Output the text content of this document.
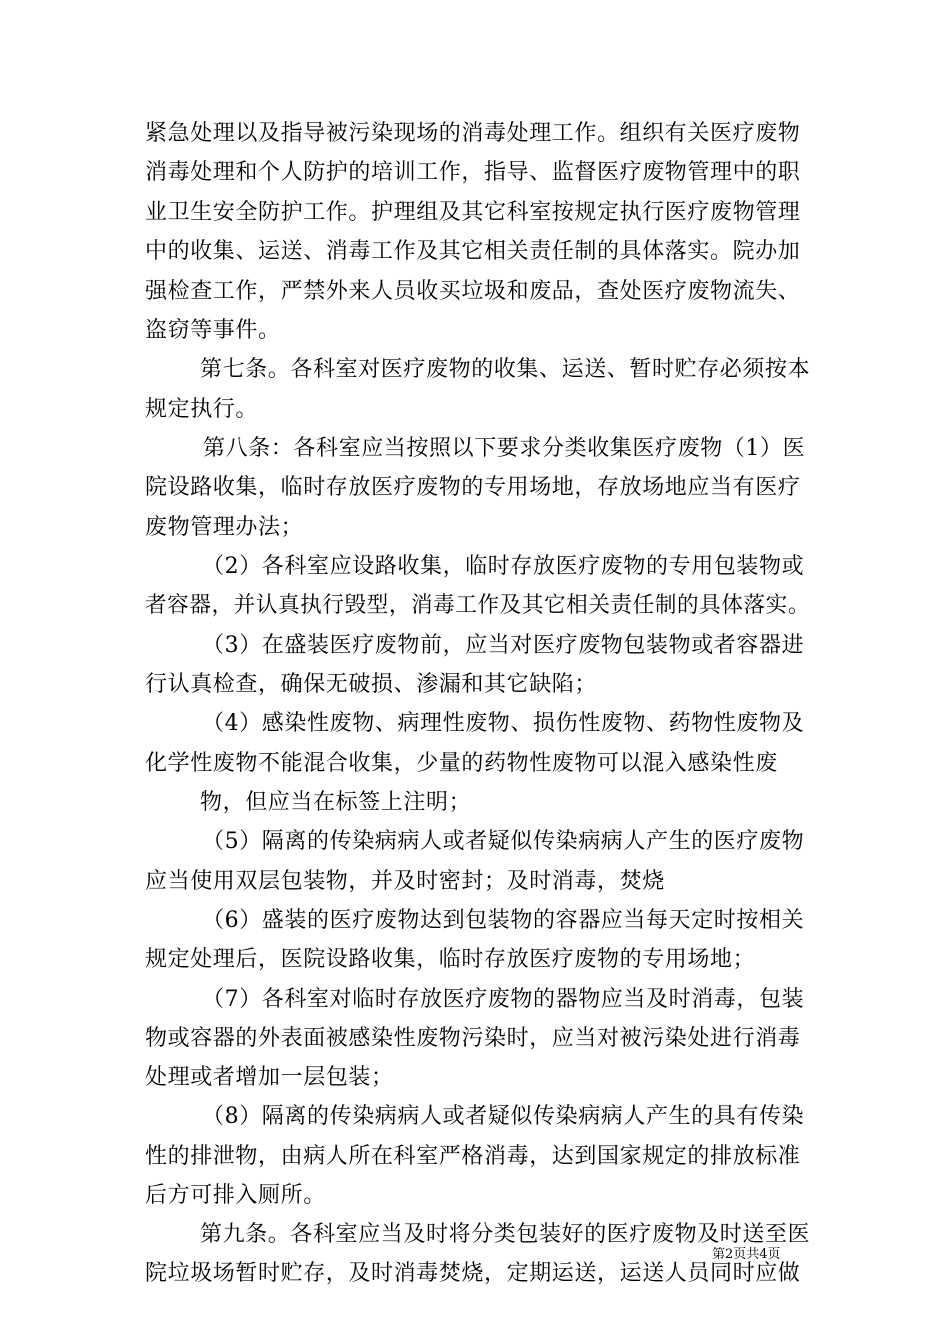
紧急处理以及指导被污染现场的消毒处理工作。组织有关医疗废物
消毒处理和个人防护的培训工作，指导、监督医疗废物管理中的职
业卫生安全防护工作。护理组及其它科室按规定执行医疗废物管理
中的收集、运送、消毒工作及其它相关责任制的具体落实。院办加
强检查工作，严禁外来人员收买垃圾和废品，查处医疗废物流失、
盗窃等事件。
第七条。各科室对医疗废物的收集、运送、暂时贮存必须按本
规定执行。
第八条：各科室应当按照以下要求分类收集医疗废物（1）医
院设路收集，临时存放医疗废物的专用场地，存放场地应当有医疗
废物管理办法；
（2）各科室应设路收集，临时存放医疗废物的专用包装物或
者容器，并认真执行毁型，消毒工作及其它相关责任制的具体落实。
（3）在盛装医疗废物前，应当对医疗废物包装物或者容器进
行认真检查，确保无破损、渗漏和其它缺陷；
（4）感染性废物、病理性废物、损伤性废物、药物性废物及
化学性废物不能混合收集，少量的药物性废物可以混入感染性废
物，但应当在标签上注明；
（5）隔离的传染病病人或者疑似传染病病人产生的医疗废物
应当使用双层包装物，并及时密封；及时消毒，焚烧
（6）盛装的医疗废物达到包装物的容器应当每天定时按相关
规定处理后，医院设路收集，临时存放医疗废物的专用场地；
（7）各科室对临时存放医疗废物的器物应当及时消毒，包装
物或容器的外表面被感染性废物污染时，应当对被污染处进行消毒
处理或者增加一层包装；
（8）隔离的传染病病人或者疑似传染病病人产生的具有传染
性的排泄物，由病人所在科室严格消毒，达到国家规定的排放标准
后方可排入厕所。
第九条。各科室应当及时将分类包装好的医疗废物及时送至医
院垃圾场暂时贮存，及时消毒焚烧，定期运送，运送人员同时应做
第2页共4页
